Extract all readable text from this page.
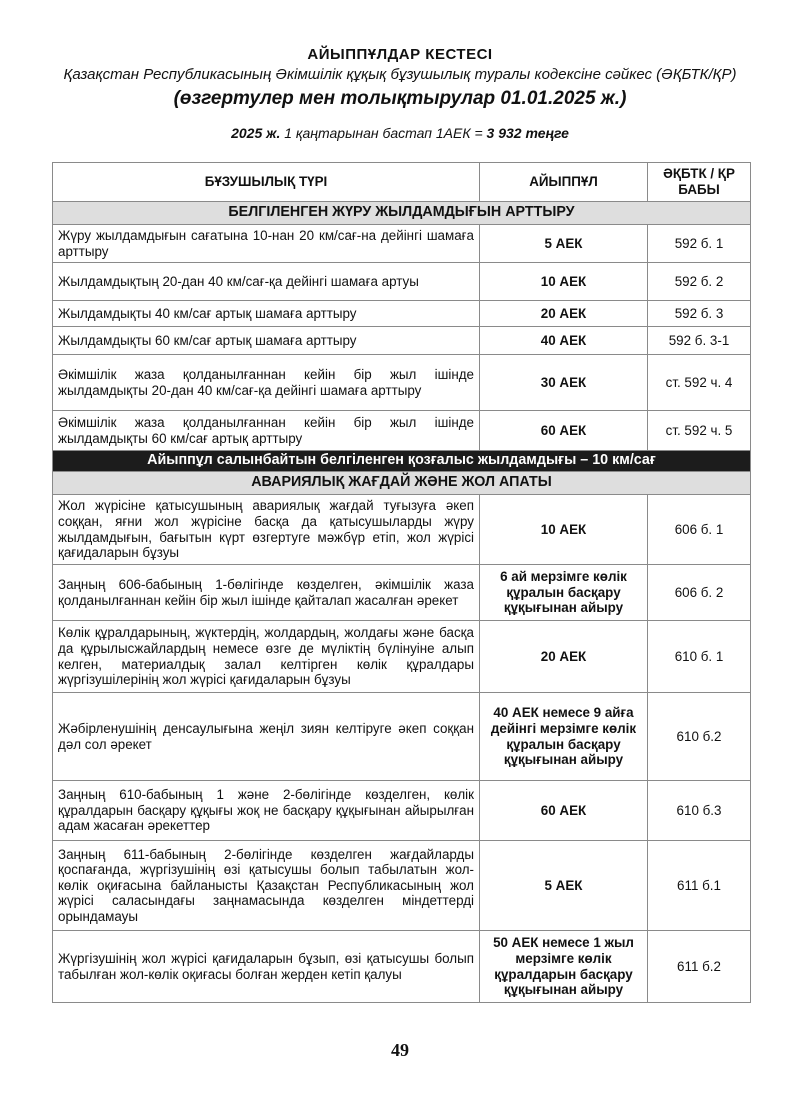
АЙЫППҰЛДАР КЕСТЕСІ
Қазақстан Республикасының Әкімшілік құқық бұзушылық туралы кодексіне сәйкес (ӘҚБТК/ҚР)
(өзгертулер мен толықтырулар 01.01.2025 ж.)
2025 ж. 1 қаңтарынан бастап 1АЕК = 3 932 теңге
БҰЗУШЫЛЫҚ ТҮРІ	АЙЫППҰЛ	ӘҚБТК / ҚР БАБЫ
БЕЛГІЛЕНГЕН ЖҮРУ ЖЫЛДАМДЫҒЫН АРТТЫРУ		
Жүру жылдамдығын сағатына 10-нан 20 км/сағ-на дейінгі шамаға арттыру	5 АЕК	592 б. 1
Жылдамдықтың 20-дан 40 км/сағ-қа дейінгі шамаға артуы	10 АЕК	592 б. 2
Жылдамдықты 40 км/сағ артық шамаға арттыру	20 АЕК	592 б. 3
Жылдамдықты 60 км/сағ артық шамаға арттыру	40 АЕК	592 б. 3-1
Әкімшілік жаза қолданылғаннан кейін бір жыл ішінде жылдамдықты 20-дан 40 км/сағ-қа дейінгі шамаға арттыру	30 АЕК	ст. 592 ч. 4
Әкімшілік жаза қолданылғаннан кейін бір жыл ішінде жылдамдықты 60 км/сағ артық арттыру	60 АЕК	ст. 592 ч. 5
Айыппұл салынбайтын белгіленген қозғалыс жылдамдығы – 10 км/сағ		
АВАРИЯЛЫҚ ЖАҒДАЙ ЖӘНЕ ЖОЛ АПАТЫ		
Жол жүрісіне қатысушының авариялық жағдай туғызуға әкеп соққан, яғни жол жүрісіне басқа да қатысушыларды жүру жылдамдығын, бағытын күрт өзгертуге мәжбүр етіп, жол жүрісі қағидаларын бұзуы	10 АЕК	606 б. 1
Заңның 606-бабының 1-бөлігінде көзделген, әкімшілік жаза қолданылғаннан кейін бір жыл ішінде қайталап жасалған әрекет	6 ай мерзімге көлік құралын басқару құқығынан айыру	606 б. 2
Көлік құралдарының, жүктердің, жолдардың, жолдағы және басқа да құрылысжайлардың немесе өзге де мүліктің бүлінуіне алып келген, материалдық залал келтірген көлік құралдары жүргізушілерінің жол жүрісі қағидаларын бұзуы	20 АЕК	610 б. 1
Жәбірленушінің денсаулығына жеңіл зиян келтіруге әкеп соққан дәл сол әрекет	40 АЕК немесе 9 айға дейінгі мерзімге көлік құралын басқару құқығынан айыру	610 б.2
Заңның 610-бабының 1 және 2-бөлігінде көзделген, көлік құралдарын басқару құқығы жоқ не басқару құқығынан айырылған адам жасаған әрекеттер	60 АЕК	610 б.3
Заңның 611-бабының 2-бөлігінде көзделген жағдайларды қоспағанда, жүргізушінің өзі қатысушы болып табылатын жол-көлік оқиғасына байланысты Қазақстан Республикасының жол жүрісі саласындағы заңнамасында көзделген міндеттерді орындамауы	5 АЕК	611 б.1
Жүргізушінің жол жүрісі қағидаларын бұзып, өзі қатысушы болып табылған жол-көлік оқиғасы болған жерден кетіп қалуы	50 АЕК немесе 1 жыл мерзімге көлік құралдарын басқару құқығынан айыру	611 б.2
49
